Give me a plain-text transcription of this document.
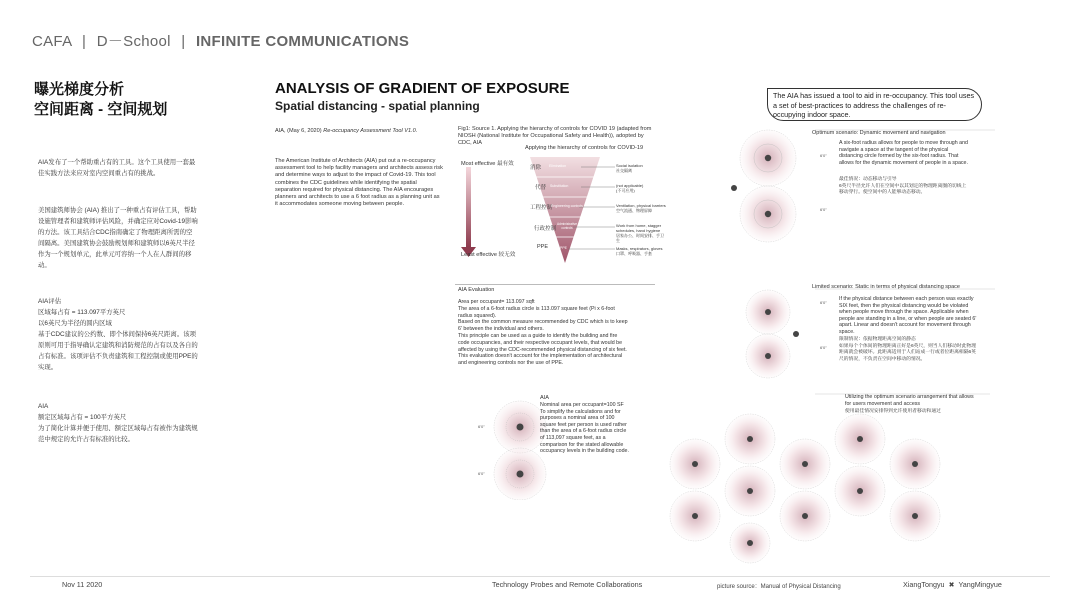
CAFA | D－School | INFINITE COMMUNICATIONS
曝光梯度分析
空间距离 - 空间规划
AIA发布了一个帮助重占有的工具。这个工具使用一套最佳实践方法来应对室内空间重占有的挑战。
美国建筑师协会 (AIA) 推出了一种重占有评估工具，帮助设施管理者和建筑师评估风险，并确定应对Covid-19影响的方法。该工具结合CDC指南确定了物理距离所需的空间隔离。美国建筑协会鼓励规划师和建筑师以6英尺半径作为一个规划单元，此单元可容纳一个人在人群间的移动。
AIA评估
区域每占有 = 113.097平方英尺
以6英尺为半径的圆内区域
基于CDC建议的公约数、即个体间保持6英尺距离。该项原则可用于指导确认定建筑和消防规范的占有以及各自的占有标准。该项评估不负责建筑和工程控制或使用PPE的实现。
AIA
额定区域每占有 = 100平方英尺
为了简化计算并便于使用、额定区域每占有被作为建筑规范中规定的允许占有标准的比较。
ANALYSIS OF GRADIENT OF EXPOSURE
Spatial distancing - spatial planning
AIA, (May 6, 2020) Re-occupancy Assessment Tool V1.0.
The American Institute of Architects (AIA) put out a re-occupancy assessment tool to help facility managers and architects assess risk and determine ways to adjust to the impact of Covid-19. This tool combines the CDC guidelines while identifying the spatial separation required for physical distancing. The AIA encourages planners and architects to use a 6 foot radius as a planning unit as it accommodates someone moving between people.
Fig1: Source 1. Applying the hierarchy of controls for COVID 19 (adapted from NIOSH (National Institute for Occupational Safety and Health)), adopted by CDC, AIA
Applying the hierarchy of controls for COVID-19
Most effective 最有效
Least effective 较无效
消除 Elimination
代替 Substitution
工程控制
Engineering controls
行政控制
Administrative controls
PPE	PPE
Social isolation
社交隔离
(not applicable)
(不可应用)
Ventilation, physical barriers
空气流通、物理屏障
Work from home, stagger schedules, hand hygiene
居家办公、时间安排、手卫生
Masks, respirators, gloves
口罩、呼吸器、手套
AIA Evaluation
Area per occupant= 113.097 sqft
The area of a 6-foot radius circle is 113.097 square feet (Pi x 6-foot radius squared).
Based on the common measure recommended by CDC which is to keep 6' between the individual and others.
This principle can be used as a guide to identify the building and fire code occupancies, and their respective occupant levels, that would be affected by using the CDC-recommended physical distancing of six feet.
This evaluation doesn't account for the implementation of architectural and engineering controls nor the use of PPE.
6'0"
6'0"
AIA
Nominal area per occupant=100 SF
To simplify the calculations and for purposes a nominal area of 100 square feet per person is used rather than the area of a 6-foot radius circle of 113,097 square feet, as a comparison for the stated allowable occupancy levels in the building code.
The AIA has issued a tool to aid in re-occupancy. This tool uses a set of best-practices to address the challenges of re-occupying indoor space.
6'0"
6'0"
6'0"
6'0"
Optimum scenario: Dynamic movement and navigation
A six-foot radius allows for people to move through and navigate a space at the tangent of the physical distancing circle formed by the six-foot radius. That allows for the dynamic movement of people in a space.
最佳情况：动态移动与引导
6英尺半径允许人们在空间中以其划定的物理距离圈的切线上移动穿行。使空间中的人能够动态移动。
Limited scenario: Static in terms of physical distancing space
If the physical distance between each person was exactly SIX feet, then the physical distancing would be violated when people move through the space. Applicable when people are standing in a line, or when people are seated 6' apart. Linear and doesn't account for movement through space.
限制情况：依据物理距离空间的静态
如果每个个体间的物理距离正好是6英尺，则当人们移动时此物理距离就会被破坏。此距离适用于人们站成一行或者位距离相隔6英尺的情况，不负责在空间中移动的情况。
Utilizing the optimum scenario arrangement that allows for users movement and access
使用最佳情况安排得到允许使用者移动和通过
Nov 11 2020	Technology Probes and Remote Collaborations	picture source：Manual of Physical Distancing	XiangTongyu ✖ YangMingyue
